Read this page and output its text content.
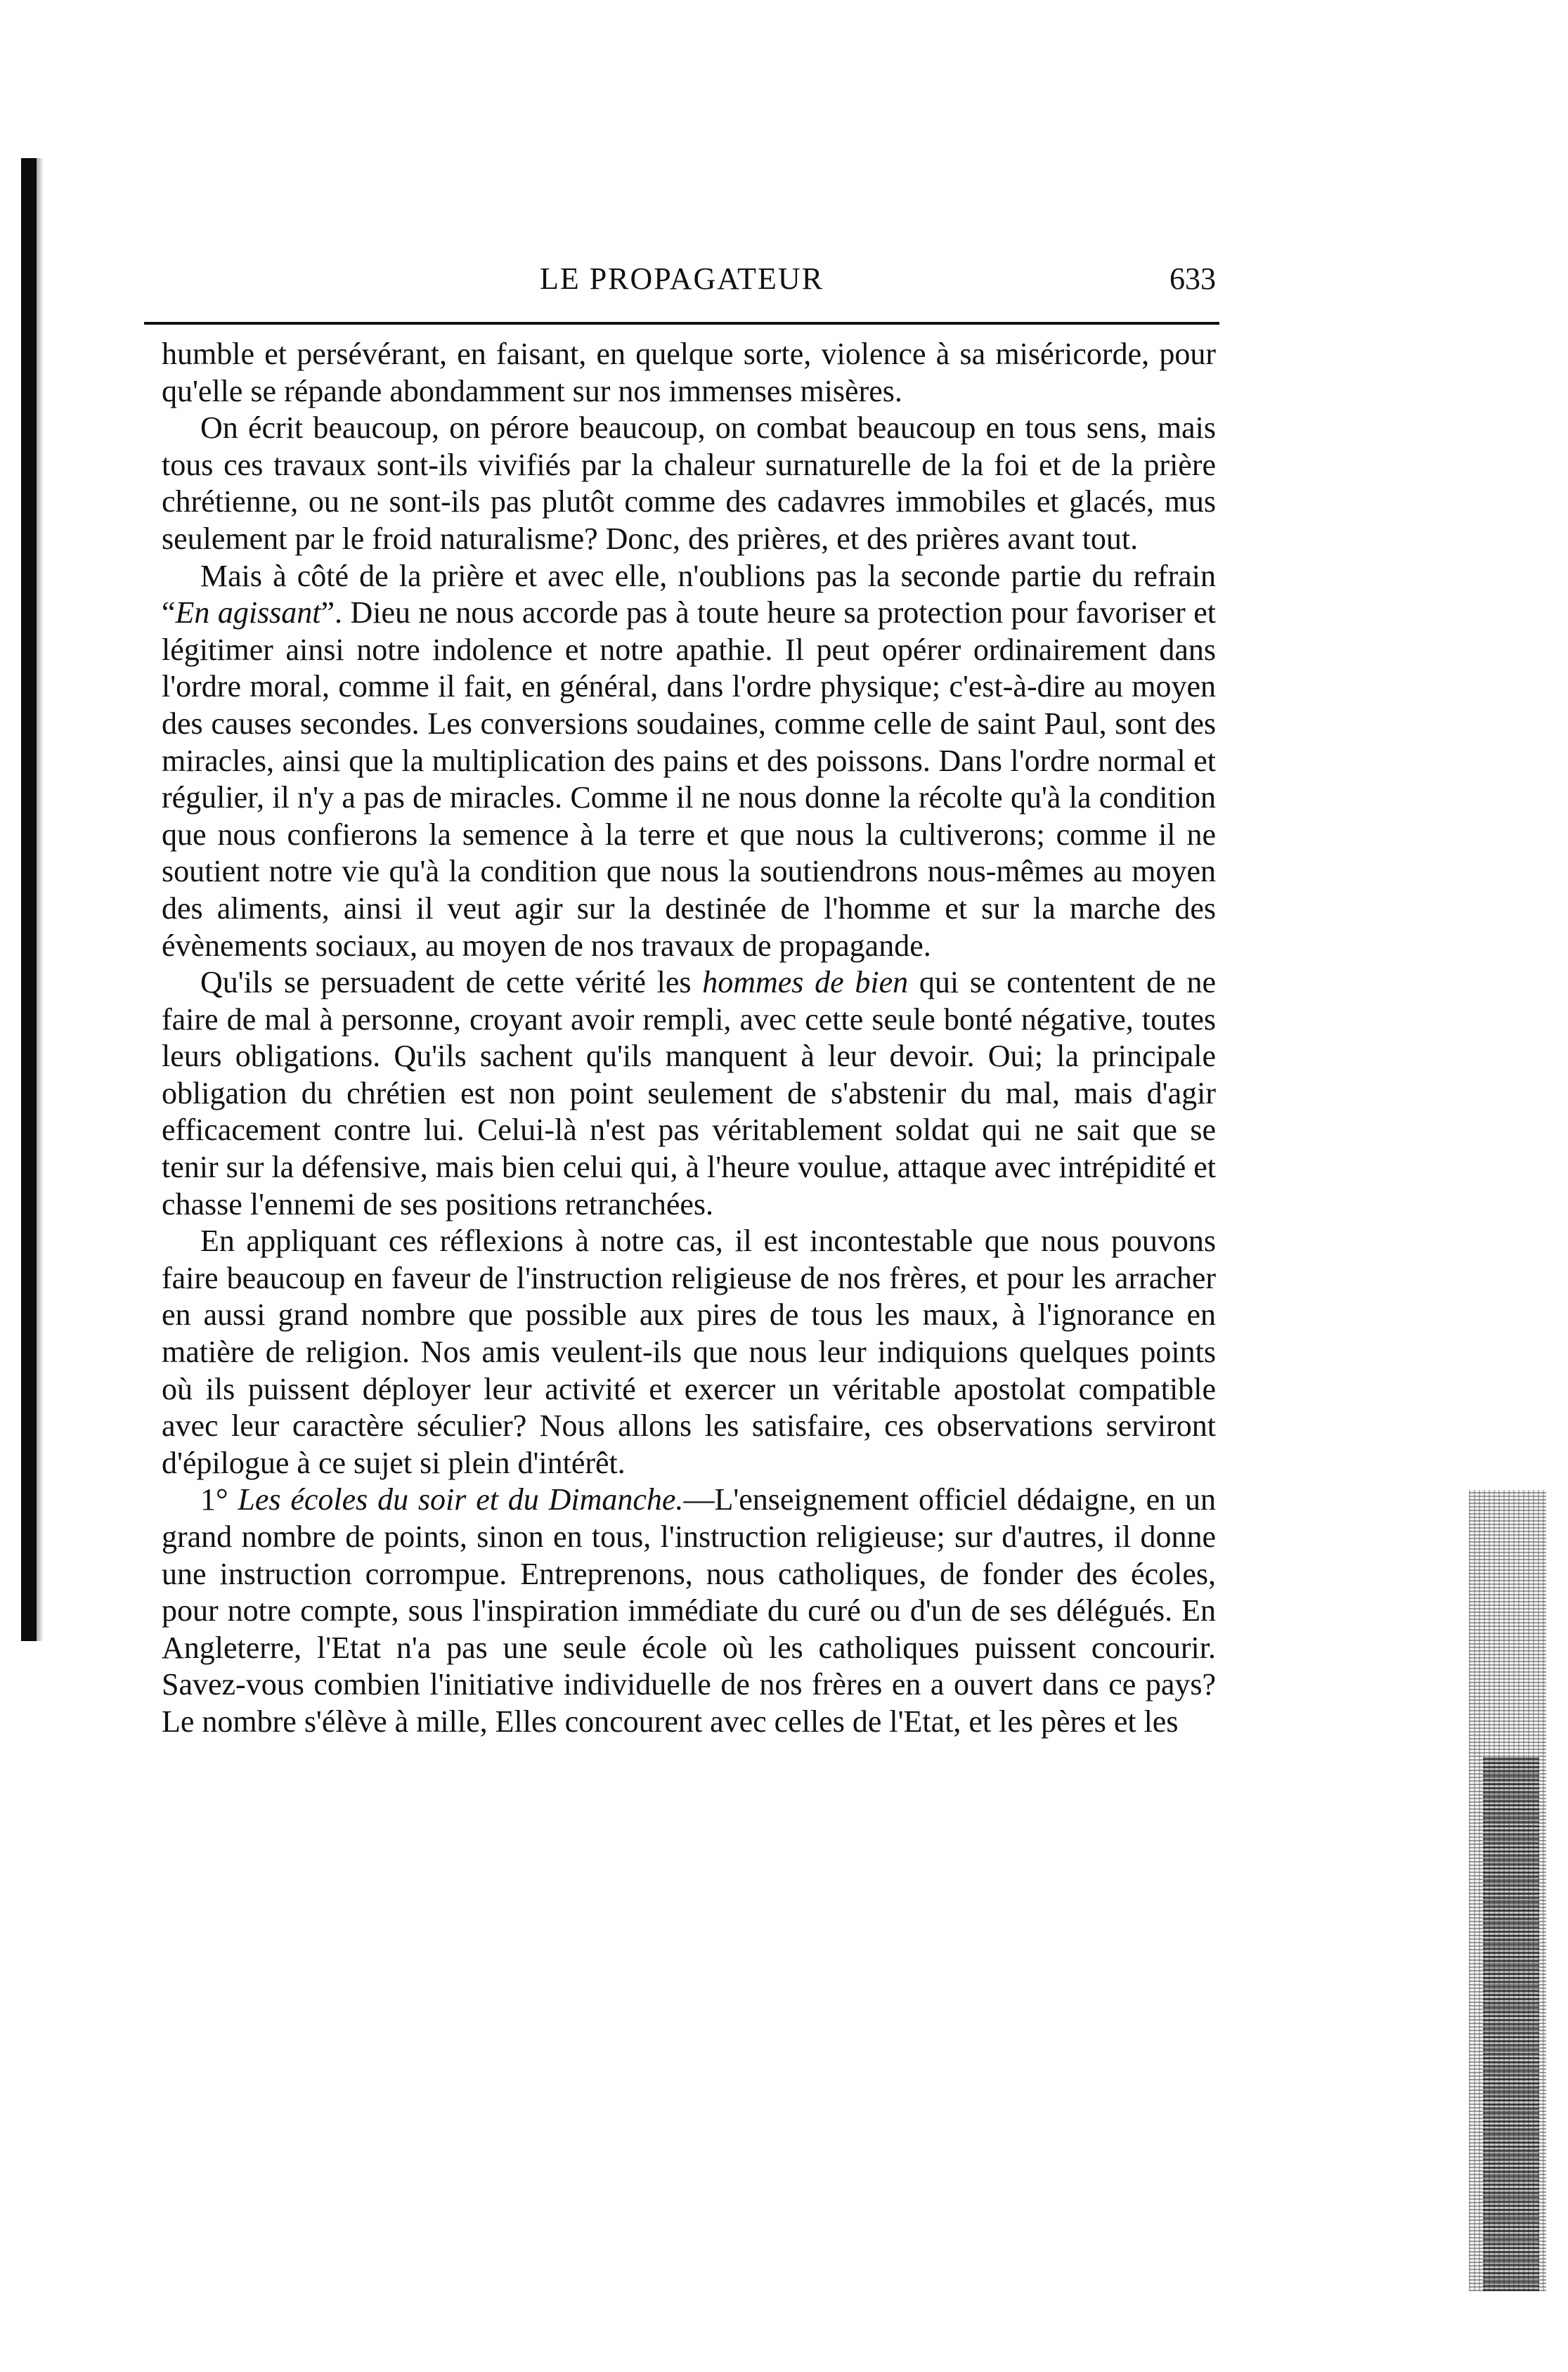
LE PROPAGATEUR	633

humble et persévérant, en faisant, en quelque sorte, violence à sa miséricorde, pour qu'elle se répande abondamment sur nos immenses misères.

On écrit beaucoup, on pérore beaucoup, on combat beaucoup en tous sens, mais tous ces travaux sont-ils vivifiés par la chaleur surnaturelle de la foi et de la prière chrétienne, ou ne sont-ils pas plutôt comme des cadavres immobiles et glacés, mus seulement par le froid naturalisme? Donc, des prières, et des prières avant tout.

Mais à côté de la prière et avec elle, n'oublions pas la seconde partie du refrain “En agissant”. Dieu ne nous accorde pas à toute heure sa protection pour favoriser et légitimer ainsi notre indolence et notre apathie. Il peut opérer ordinairement dans l'ordre moral, comme il fait, en général, dans l'ordre physique; c'est-à-dire au moyen des causes secondes. Les conversions soudaines, comme celle de saint Paul, sont des miracles, ainsi que la multiplication des pains et des poissons. Dans l'ordre normal et régulier, il n'y a pas de miracles. Comme il ne nous donne la récolte qu'à la condition que nous confierons la semence à la terre et que nous la cultiverons; comme il ne soutient notre vie qu'à la condition que nous la soutiendrons nous-mêmes au moyen des aliments, ainsi il veut agir sur la destinée de l'homme et sur la marche des évènements sociaux, au moyen de nos travaux de propagande.

Qu'ils se persuadent de cette vérité les hommes de bien qui se contentent de ne faire de mal à personne, croyant avoir rempli, avec cette seule bonté négative, toutes leurs obligations. Qu'ils sachent qu'ils manquent à leur devoir. Oui; la principale obligation du chrétien est non point seulement de s'abstenir du mal, mais d'agir efficacement contre lui. Celui-là n'est pas véritablement soldat qui ne sait que se tenir sur la défensive, mais bien celui qui, à l'heure voulue, attaque avec intrépidité et chasse l'ennemi de ses positions retranchées.

En appliquant ces réflexions à notre cas, il est incontestable que nous pouvons faire beaucoup en faveur de l'instruction religieuse de nos frères, et pour les arracher en aussi grand nombre que possible aux pires de tous les maux, à l'ignorance en matière de religion. Nos amis veulent-ils que nous leur indiquions quelques points où ils puissent déployer leur activité et exercer un véritable apostolat compatible avec leur caractère séculier? Nous allons les satisfaire, ces observations serviront d'épilogue à ce sujet si plein d'intérêt.

1° Les écoles du soir et du Dimanche.—L'enseignement officiel dédaigne, en un grand nombre de points, sinon en tous, l'instruction religieuse; sur d'autres, il donne une instruction corrompue. Entreprenons, nous catholiques, de fonder des écoles, pour notre compte, sous l'inspiration immédiate du curé ou d'un de ses délégués. En Angleterre, l'Etat n'a pas une seule école où les catholiques puissent concourir. Savez-vous combien l'initiative individuelle de nos frères en a ouvert dans ce pays? Le nombre s'élève à mille, Elles concourent avec celles de l'Etat, et les pères et les
